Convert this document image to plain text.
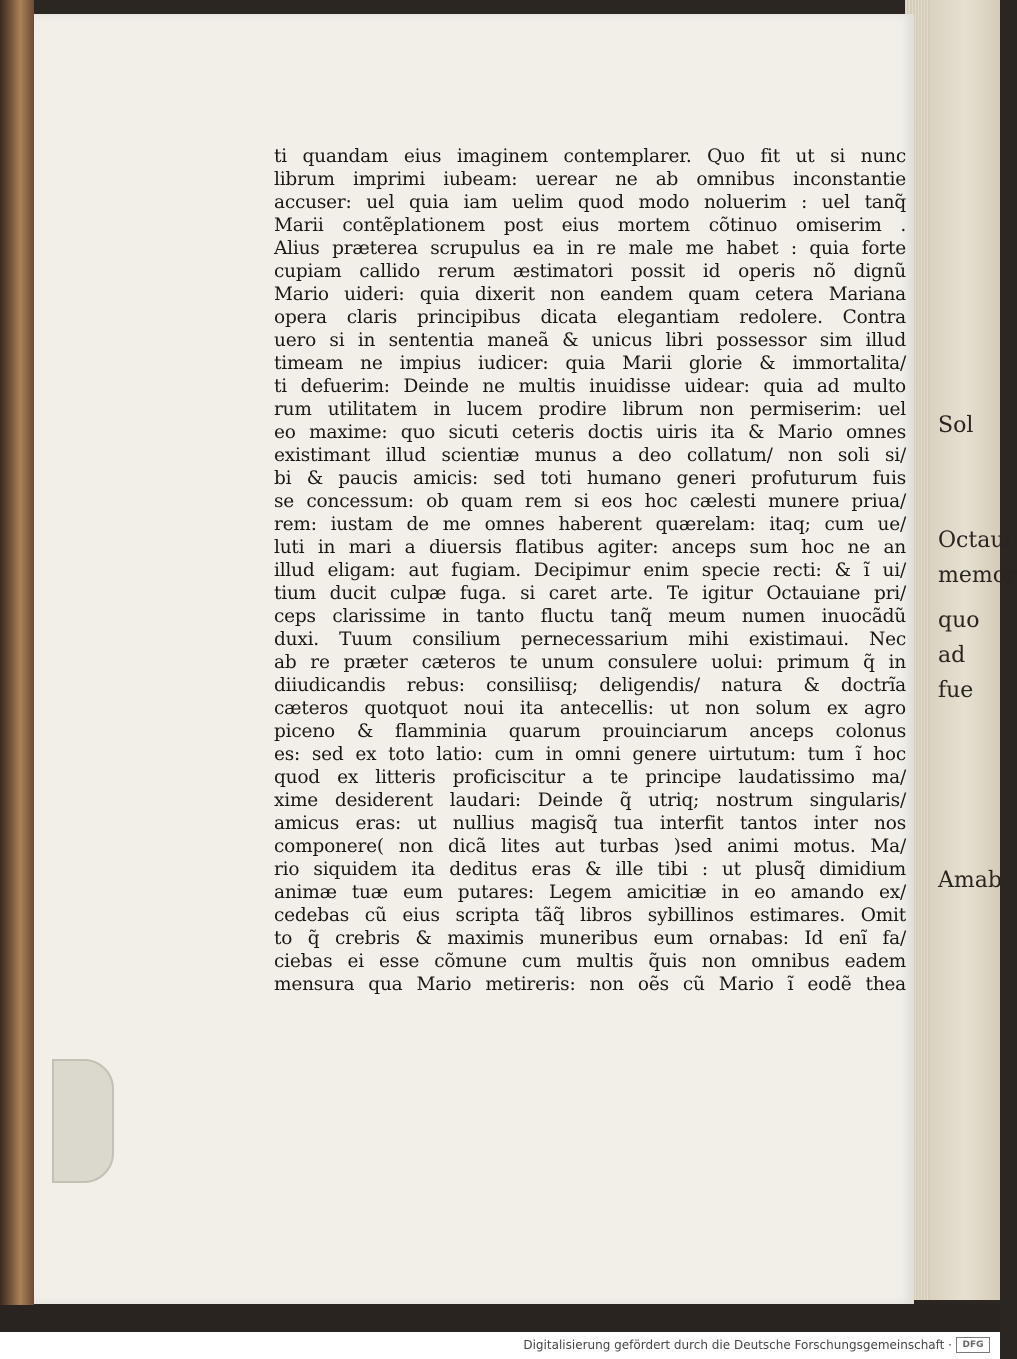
Sol
Octaui
memor
quo
ad
fue
Amab
ti quandam eius imaginem contemplarer. Quo fit ut si nunc
librum imprimi iubeam: uerear ne ab omnibus inconstantie
accuser: uel quia iam uelim quod modo noluerim : uel tanq̃
Marii contẽplationem post eius mortem cõtinuo omiserim .
Alius præterea scrupulus ea in re male me habet : quia forte
cupiam callido rerum æstimatori possit id operis nõ dignũ
Mario uideri: quia dixerit non eandem quam cetera Mariana
opera claris principibus dicata elegantiam redolere. Contra
uero si in sententia maneã & unicus libri possessor sim illud
timeam ne impius iudicer: quia Marii glorie & immortalita/
ti defuerim: Deinde ne multis inuidisse uidear: quia ad multo
rum utilitatem in lucem prodire librum non permiserim: uel
eo maxime: quo sicuti ceteris doctis uiris ita & Mario omnes
existimant illud scientiæ munus a deo collatum/ non soli si/
bi & paucis amicis: sed toti humano generi profuturum fuis
se concessum: ob quam rem si eos hoc cælesti munere priua/
rem: iustam de me omnes haberent quærelam: itaq; cum ue/
luti in mari a diuersis flatibus agiter: anceps sum hoc ne an
illud eligam: aut fugiam. Decipimur enim specie recti: & ĩ ui/
tium ducit culpæ fuga. si caret arte. Te igitur Octauiane pri/
ceps clarissime in tanto fluctu tanq̃ meum numen inuocãdũ
duxi. Tuum consilium pernecessarium mihi existimaui. Nec
ab re præter cæteros te unum consulere uolui: primum q̃ in
diiudicandis rebus: consiliisq; deligendis/ natura & doctrĩa
cæteros quotquot noui ita antecellis: ut non solum ex agro
piceno & flamminia quarum prouinciarum anceps colonus
es: sed ex toto latio: cum in omni genere uirtutum: tum ĩ hoc
quod ex litteris proficiscitur a te principe laudatissimo ma/
xime desiderent laudari: Deinde q̃ utriq; nostrum singularis/
amicus eras: ut nullius magisq̃ tua interfit tantos inter nos
componere( non dicã lites aut turbas )sed animi motus. Ma/
rio siquidem ita deditus eras & ille tibi : ut plusq̃ dimidium
animæ tuæ eum putares: Legem amicitiæ in eo amando ex/
cedebas cũ eius scripta tãq̃ libros sybillinos estimares. Omit
to q̃ crebris & maximis muneribus eum ornabas: Id enĩ fa/
ciebas ei esse cõmune cum multis q̃uis non omnibus eadem
mensura qua Mario metireris: non oẽs cũ Mario ĩ eodẽ thea
Digitalisierung gefördert durch die Deutsche Forschungsgemeinschaft ·	DFG
